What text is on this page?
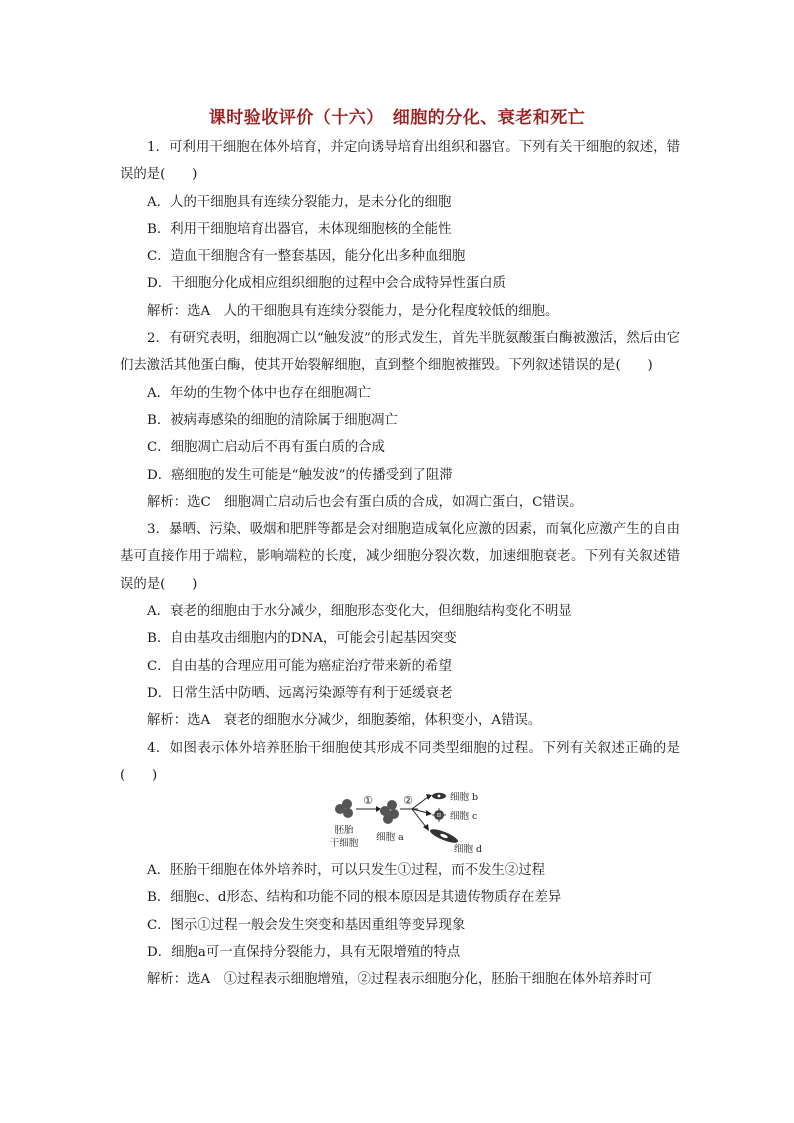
课时验收评价（十六）　细胞的分化、衰老和死亡

1．可利用干细胞在体外培育，并定向诱导培育出组织和器官。下列有关干细胞的叙述，错误的是(　　)

A．人的干细胞具有连续分裂能力，是未分化的细胞

B．利用干细胞培育出器官，未体现细胞核的全能性

C．造血干细胞含有一整套基因，能分化出多种血细胞

D．干细胞分化成相应组织细胞的过程中会合成特异性蛋白质

解析：选A　人的干细胞具有连续分裂能力，是分化程度较低的细胞。

2．有研究表明，细胞凋亡以“触发波”的形式发生，首先半胱氨酸蛋白酶被激活，然后由它们去激活其他蛋白酶，使其开始裂解细胞，直到整个细胞被摧毁。下列叙述错误的是(　　)

A．年幼的生物个体中也存在细胞凋亡

B．被病毒感染的细胞的清除属于细胞凋亡

C．细胞凋亡启动后不再有蛋白质的合成

D．癌细胞的发生可能是“触发波”的传播受到了阻滞

解析：选C　细胞凋亡启动后也会有蛋白质的合成，如凋亡蛋白，C错误。

3．暴晒、污染、吸烟和肥胖等都是会对细胞造成氧化应激的因素，而氧化应激产生的自由基可直接作用于端粒，影响端粒的长度，减少细胞分裂次数，加速细胞衰老。下列有关叙述错误的是(　　)

A．衰老的细胞由于水分减少，细胞形态变化大，但细胞结构变化不明显

B．自由基攻击细胞内的DNA，可能会引起基因突变

C．自由基的合理应用可能为癌症治疗带来新的希望

D．日常生活中防晒、远离污染源等有利于延缓衰老

解析：选A　衰老的细胞水分减少，细胞萎缩，体积变小，A错误。

4．如图表示体外培养胚胎干细胞使其形成不同类型细胞的过程。下列有关叙述正确的是(　　)

胚胎
干细胞
①
细胞 a
②	细胞 b
细胞 c
细胞 d

A．胚胎干细胞在体外培养时，可以只发生①过程，而不发生②过程

B．细胞c、d形态、结构和功能不同的根本原因是其遗传物质存在差异

C．图示①过程一般会发生突变和基因重组等变异现象

D．细胞a可一直保持分裂能力，具有无限增殖的特点

解析：选A　①过程表示细胞增殖，②过程表示细胞分化，胚胎干细胞在体外培养时可
